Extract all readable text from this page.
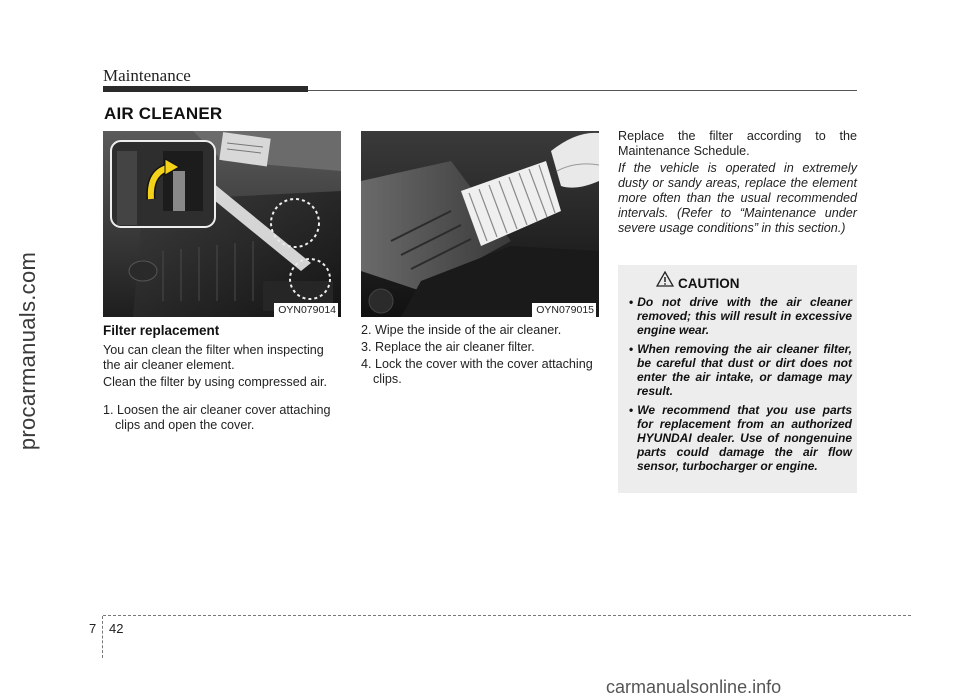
Maintenance

AIR CLEANER
procarmanuals.com	OYN079014	OYN079015
Filter replacement

You can clean the filter when inspecting the air cleaner element.

Clean the filter by using compressed air.

1. Loosen the air cleaner cover attaching clips and open the cover.

2. Wipe the inside of the air cleaner.

3. Replace the air cleaner filter.

4. Lock the cover with the cover attaching clips.

Replace the filter according to the Maintenance Schedule.

If the vehicle is operated in extremely dusty or sandy areas, replace the element more often than the usual recommended intervals. (Refer to “Maintenance under severe usage conditions” in this section.)

CAUTION
• Do not drive with the air cleaner removed; this will result in excessive engine wear.
• When removing the air cleaner filter, be careful that dust or dirt does not enter the air intake, or damage may result.
• We recommend that you use parts for replacement from an authorized HYUNDAI dealer. Use of nongenuine parts could damage the air flow sensor, turbocharger or engine.
7 42
carmanualsonline.info
